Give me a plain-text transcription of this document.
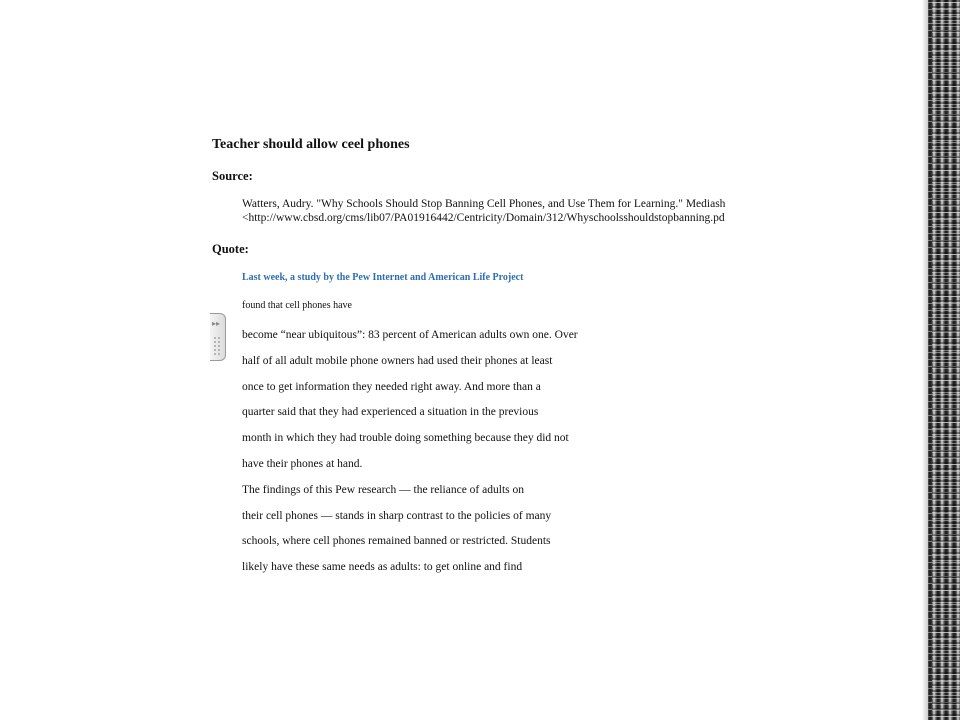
Teacher should allow ceel phones
Source:
Watters, Audry. "Why Schools Should Stop Banning Cell Phones, and Use Them for Learning." Mediash
<http://www.cbsd.org/cms/lib07/PA01916442/Centricity/Domain/312/Whyschoolsshouldstopbanning.pd
Quote:
Last week, a study by the Pew Internet and American Life Project
found that cell phones have
become “near ubiquitous”: 83 percent of American adults own one. Over
half of all adult mobile phone owners had used their phones at least
once to get information they needed right away. And more than a
quarter said that they had experienced a situation in the previous
month in which they had trouble doing something because they did not
have their phones at hand.
The findings of this Pew research — the reliance of adults on
their cell phones — stands in sharp contrast to the policies of many
schools, where cell phones remained banned or restricted. Students
likely have these same needs as adults: to get online and find
▸▸
